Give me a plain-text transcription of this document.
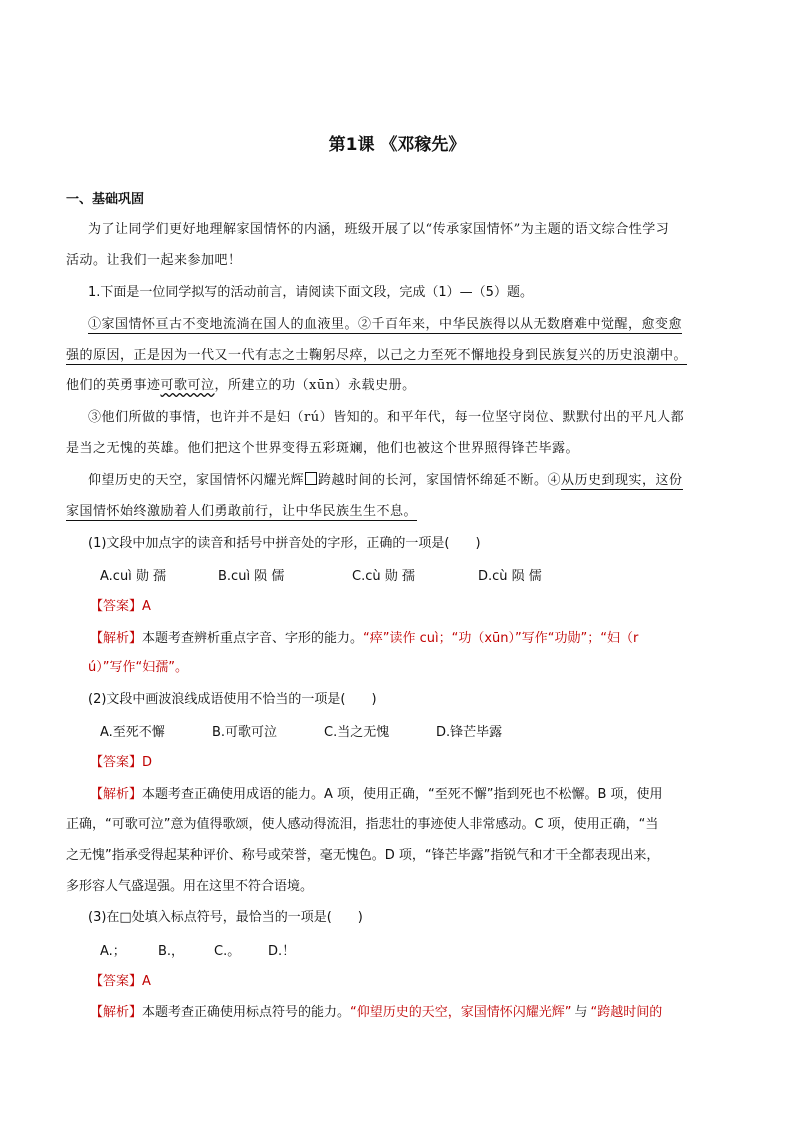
第1课 《邓稼先》
一、基础巩固
为了让同学们更好地理解家国情怀的内涵，班级开展了以“传承家国情怀”为主题的语文综合性学习
活动。让我们一起来参加吧！
1.下面是一位同学拟写的活动前言，请阅读下面文段，完成（1）—（5）题。
①家国情怀亘古不变地流淌在国人的血液里。②千百年来，中华民族得以从无数磨难中觉醒，愈变愈
强的原因，正是因为一代又一代有志之士鞠躬尽瘁，以己之力至死不懈地投身到民族复兴的历史浪潮中。
他们的英勇事迹可歌可泣，所建立的功（xūn）永载史册。
③他们所做的事情，也许并不是妇（rú）皆知的。和平年代，每一位坚守岗位、默默付出的平凡人都
是当之无愧的英雄。他们把这个世界变得五彩斑斓，他们也被这个世界照得锋芒毕露。
仰望历史的天空，家国情怀闪耀光辉 跨越时间的长河，家国情怀绵延不断。④从历史到现实，这份
家国情怀始终激励着人们勇敢前行，让中华民族生生不息。
(1)文段中加点字的读音和括号中拼音处的字形，正确的一项是(　　)
A.cuì 勋 孺	B.cuì 陨 儒	C.cù 勋 孺	D.cù 陨 儒
【答案】A
【解析】本题考查辨析重点字音、字形的能力。“瘁”读作 cuì；“功（xūn）”写作“功勋”；“妇（r
ú）”写作“妇孺”。
(2)文段中画波浪线成语使用不恰当的一项是(　　)
A.至死不懈	B.可歌可泣	C.当之无愧	D.锋芒毕露
【答案】D
【解析】本题考查正确使用成语的能力。A 项，使用正确，“至死不懈”指到死也不松懈。B 项，使用
正确，“可歌可泣”意为值得歌颂，使人感动得流泪，指悲壮的事迹使人非常感动。C 项，使用正确，“当
之无愧”指承受得起某种评价、称号或荣誉，毫无愧色。D 项，“锋芒毕露”指锐气和才干全都表现出来，
多形容人气盛逞强。用在这里不符合语境。
(3)在□处填入标点符号，最恰当的一项是(　　)
A.； B.， C.。 D.！
【答案】A
【解析】本题考查正确使用标点符号的能力。“仰望历史的天空，家国情怀闪耀光辉” 与 “跨越时间的
